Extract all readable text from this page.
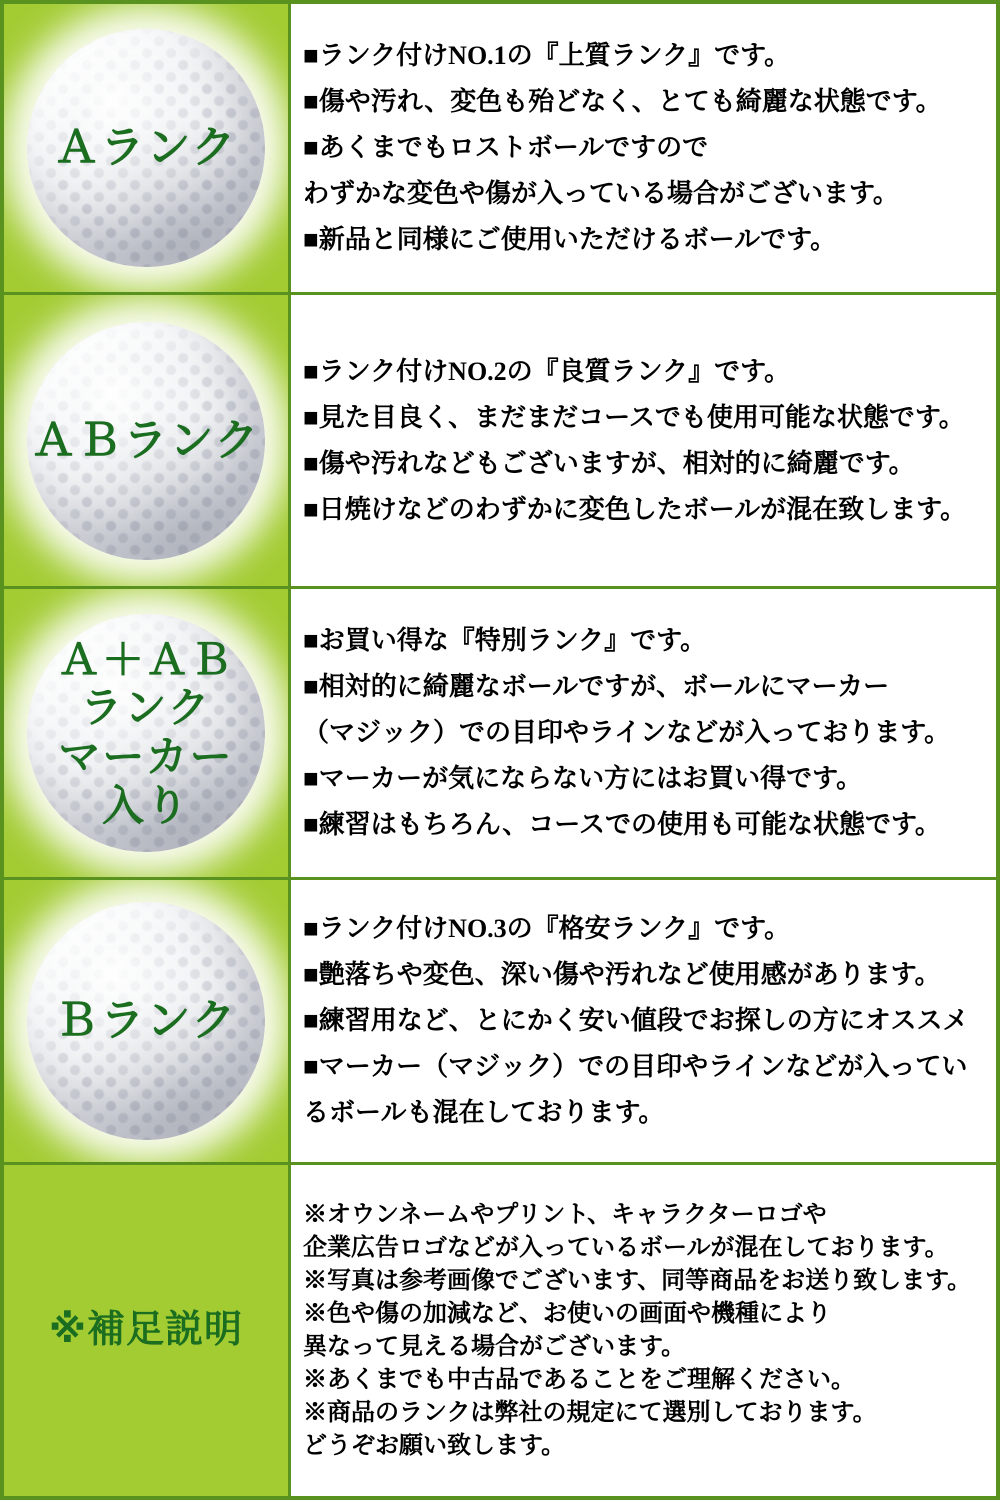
Ａランク
■ランク付けNO.1の『上質ランク』です。
■傷や汚れ、変色も殆どなく、とても綺麗な状態です。
■あくまでもロストボールですので
わずかな変色や傷が入っている場合がございます。
■新品と同様にご使用いただけるボールです。
ＡＢランク
■ランク付けNO.2の『良質ランク』です。
■見た目良く、まだまだコースでも使用可能な状態です。
■傷や汚れなどもございますが、相対的に綺麗です。
■日焼けなどのわずかに変色したボールが混在致します。
Ａ＋ＡＢ
ランク
マーカー
入り
■お買い得な『特別ランク』です。
■相対的に綺麗なボールですが、ボールにマーカー
（マジック）での目印やラインなどが入っております。
■マーカーが気にならない方にはお買い得です。
■練習はもちろん、コースでの使用も可能な状態です。
Ｂランク
■ランク付けNO.3の『格安ランク』です。
■艶落ちや変色、深い傷や汚れなど使用感があります。
■練習用など、とにかく安い値段でお探しの方にオススメ
■マーカー（マジック）での目印やラインなどが入ってい
るボールも混在しております。
※補足説明
※オウンネームやプリント、キャラクターロゴや
企業広告ロゴなどが入っているボールが混在しております。
※写真は参考画像でございます、同等商品をお送り致します。
※色や傷の加減など、お使いの画面や機種により
異なって見える場合がございます。
※あくまでも中古品であることをご理解ください。
※商品のランクは弊社の規定にて選別しております。
どうぞお願い致します。
